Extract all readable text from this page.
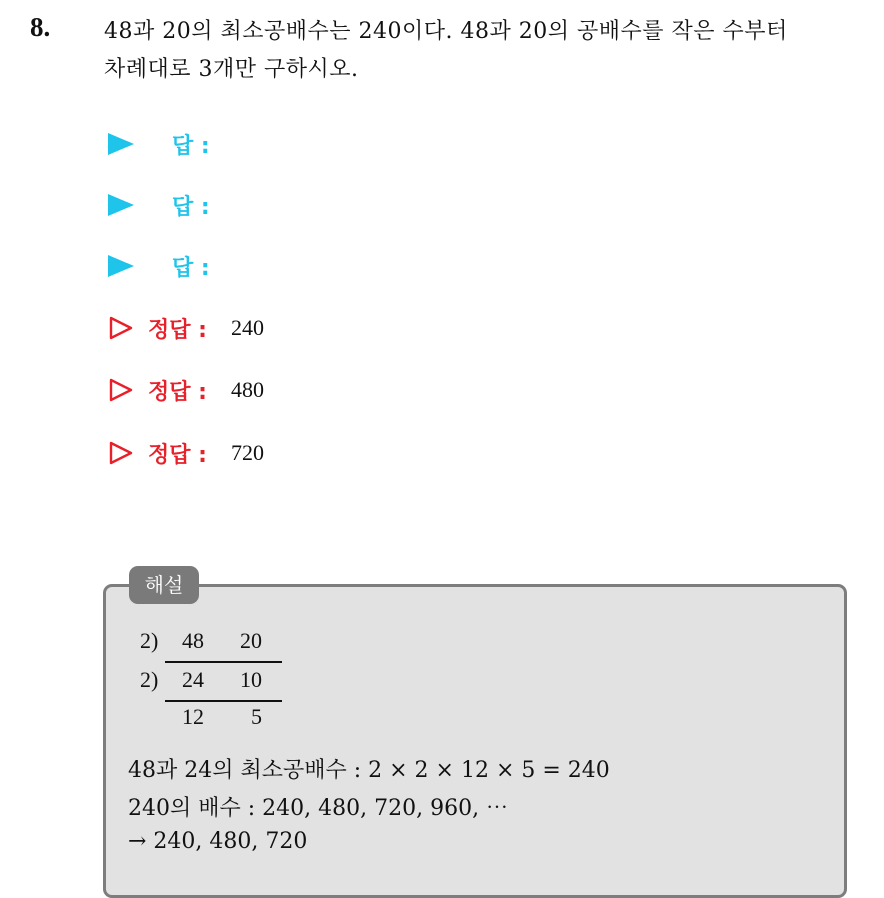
8. 48과 20의 최소공배수는 240이다. 48과 20의 공배수를 작은 수부터
차례대로 3개만 구하시오.
답 :
답 :
답 :
정답 : 240
정답 : 480
정답 : 720
해설
2) 48 20
2) 24 10
12 5
48과 24의 최소공배수 : 2 × 2 × 12 × 5 = 240
240의 배수 : 240, 480, 720, 960, ⋯
→ 240, 480, 720
